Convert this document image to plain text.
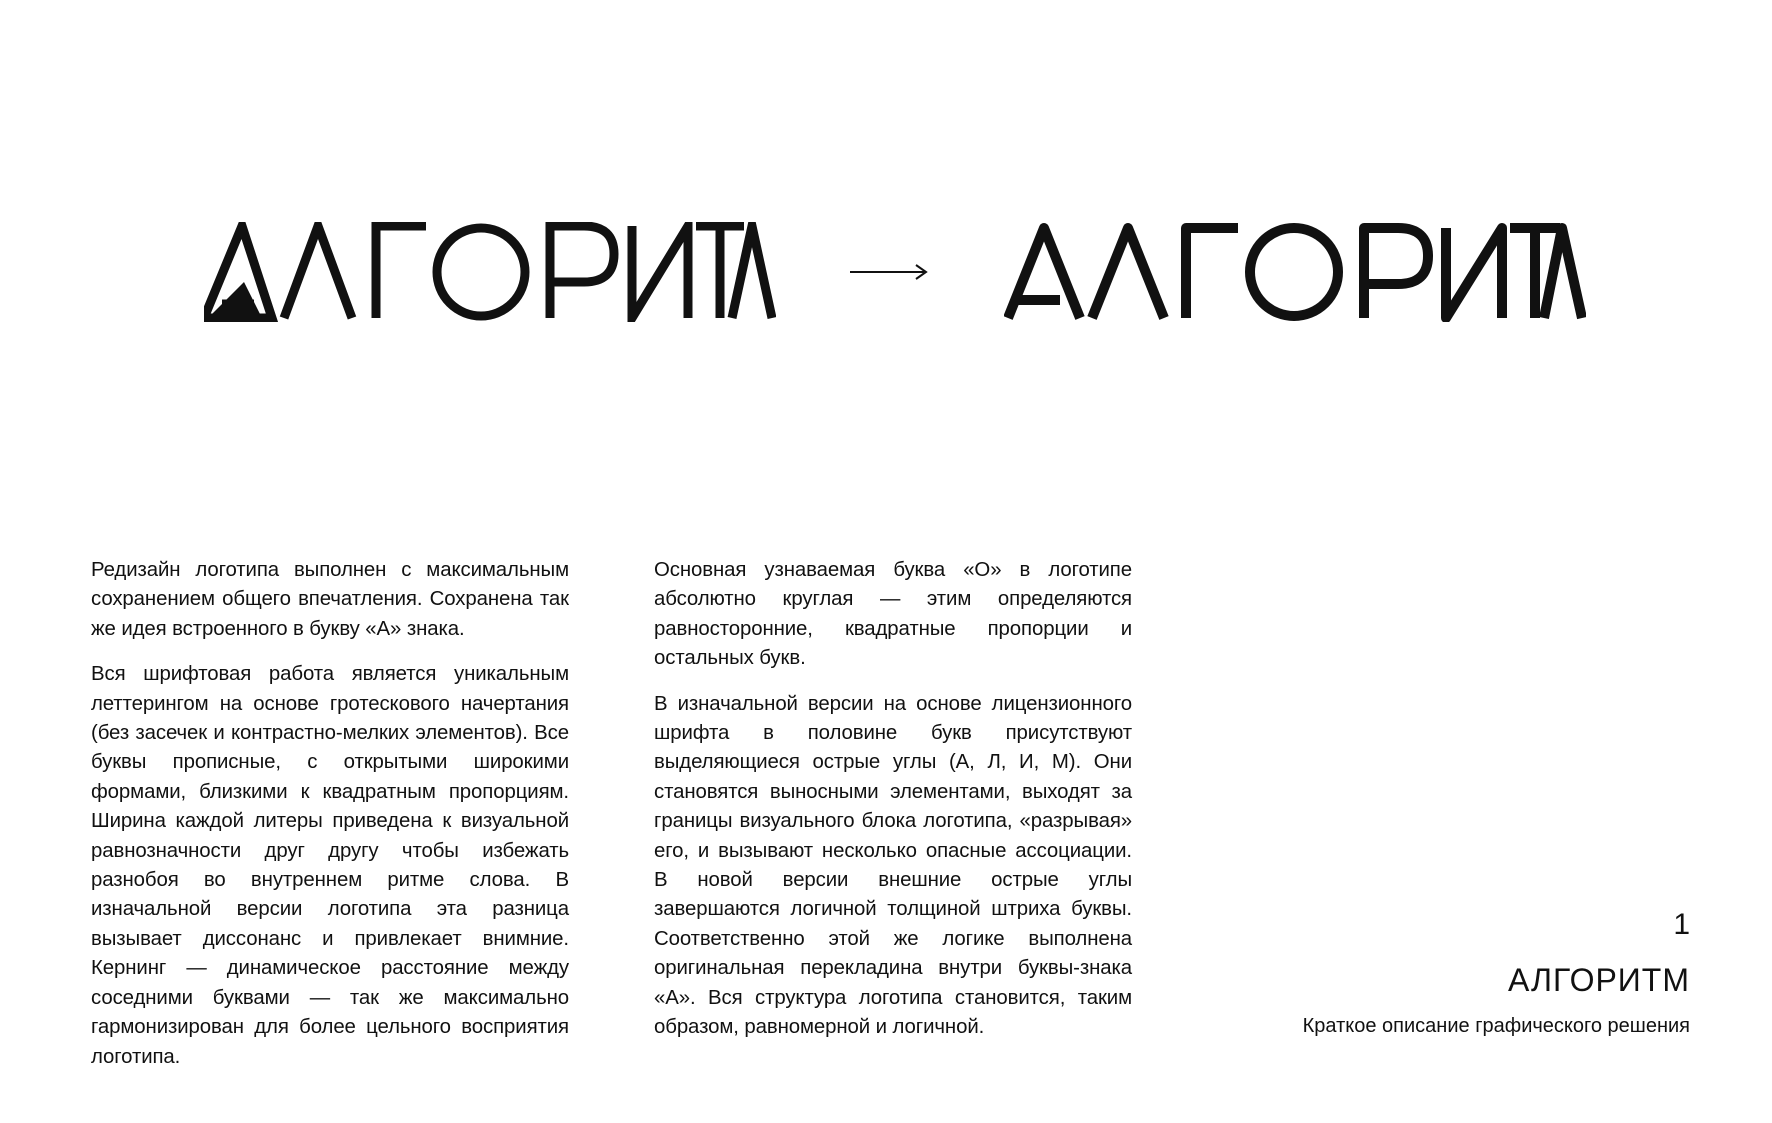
Редизайн логотипа выполнен с максимальным сохранением общего впечатления. Сохранена так же идея встроенного в букву «А» знака.

Вся шрифтовая работа является уникальным леттерингом на основе гротескового начертания (без засечек и контрастно-мелких элементов). Все буквы прописные, с открытыми широкими формами, близкими к квадратным пропорциям. Ширина каждой литеры приведена к визуальной равнозначности друг другу чтобы избежать разнобоя во внутреннем ритме слова. В изначальной версии логотипа эта разница вызывает диссонанс и привлекает внимние. Кернинг — динамическое расстояние между соседними буквами — так же максимально гармонизирован для более цельного восприятия логотипа.

Основная узнаваемая буква «О» в логотипе абсолютно круглая — этим определяются равносторонние, квадратные пропорции и остальных букв.

В изначальной версии на основе лицензионного шрифта в половине букв присутствуют выделяющиеся острые углы (А, Л, И, М). Они становятся выносными элементами, выходят за границы визуального блока логотипа, «разрывая» его, и вызывают несколько опасные ассоциации. В новой версии внешние острые углы завершаются логичной толщиной штриха буквы. Соответственно этой же логике выполнена оригинальная перекладина внутри буквы-знака «А». Вся структура логотипа становится, таким образом, равномерной и логичной.

1
АЛГОРИТМ
Краткое описание графического решения
